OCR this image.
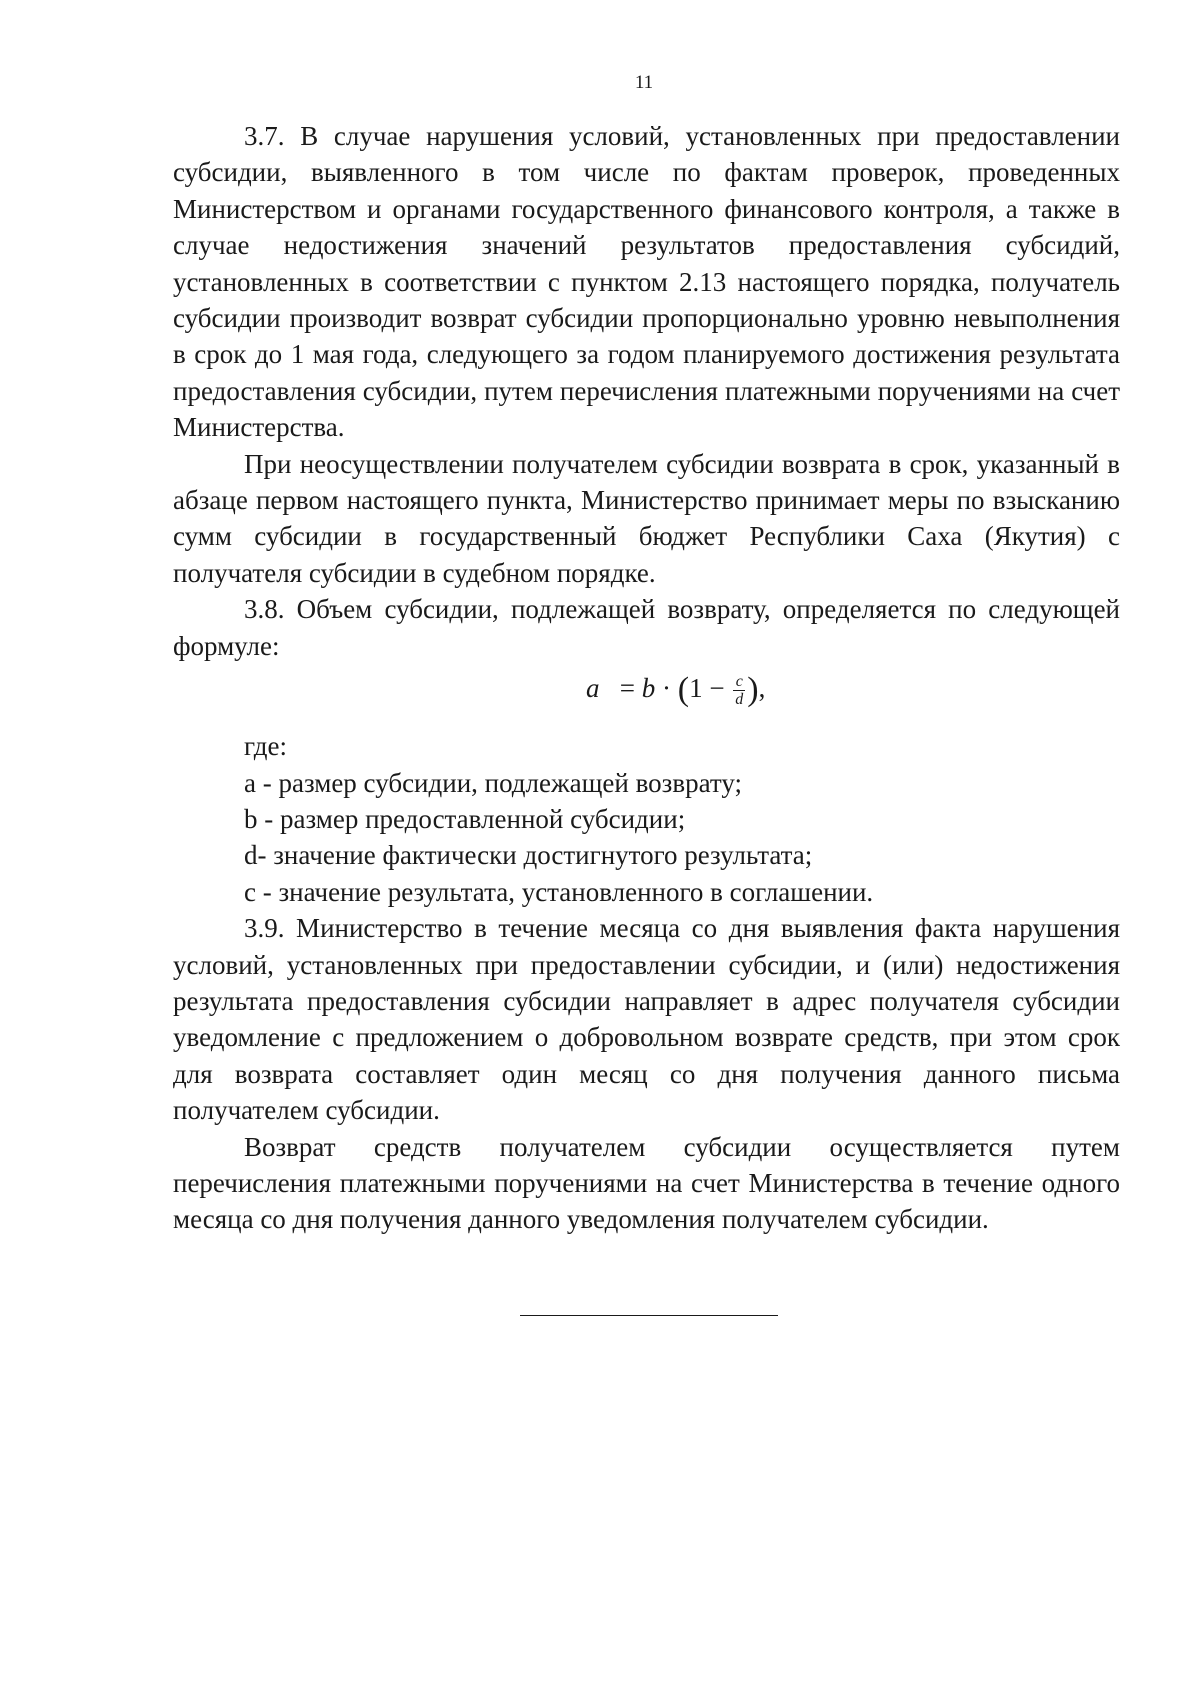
11

3.7. В случае нарушения условий, установленных при предоставлении субсидии, выявленного в том числе по фактам проверок, проведенных Министерством и органами государственного финансового контроля, а также в случае недостижения значений результатов предоставления субсидий, установленных в соответствии с пунктом 2.13 настоящего порядка, получатель субсидии производит возврат субсидии пропорционально уровню невыполнения в срок до 1 мая года, следующего за годом планируемого достижения результата предоставления субсидии, путем перечисления платежными поручениями на счет Министерства.

При неосуществлении получателем субсидии возврата в срок, указанный в абзаце первом настоящего пункта, Министерство принимает меры по взысканию сумм субсидии в государственный бюджет Республики Саха (Якутия) с получателя субсидии в судебном порядке.

3.8. Объем субсидии, подлежащей возврату, определяется по следующей формуле:

$a = b \cdot (1 - \frac{c}{d}$ ),

где:

a - размер субсидии, подлежащей возврату;

b - размер предоставленной субсидии;

d- значение фактически достигнутого результата;

c - значение результата, установленного в соглашении.

3.9. Министерство в течение месяца со дня выявления факта нарушения условий, установленных при предоставлении субсидии, и (или) недостижения результата предоставления субсидии направляет в адрес получателя субсидии уведомление с предложением о добровольном возврате средств, при этом срок для возврата составляет один месяц со дня получения данного письма получателем субсидии.

Возврат средств получателем субсидии осуществляется путем перечисления платежными поручениями на счет Министерства в течение одного месяца со дня получения данного уведомления получателем субсидии.
